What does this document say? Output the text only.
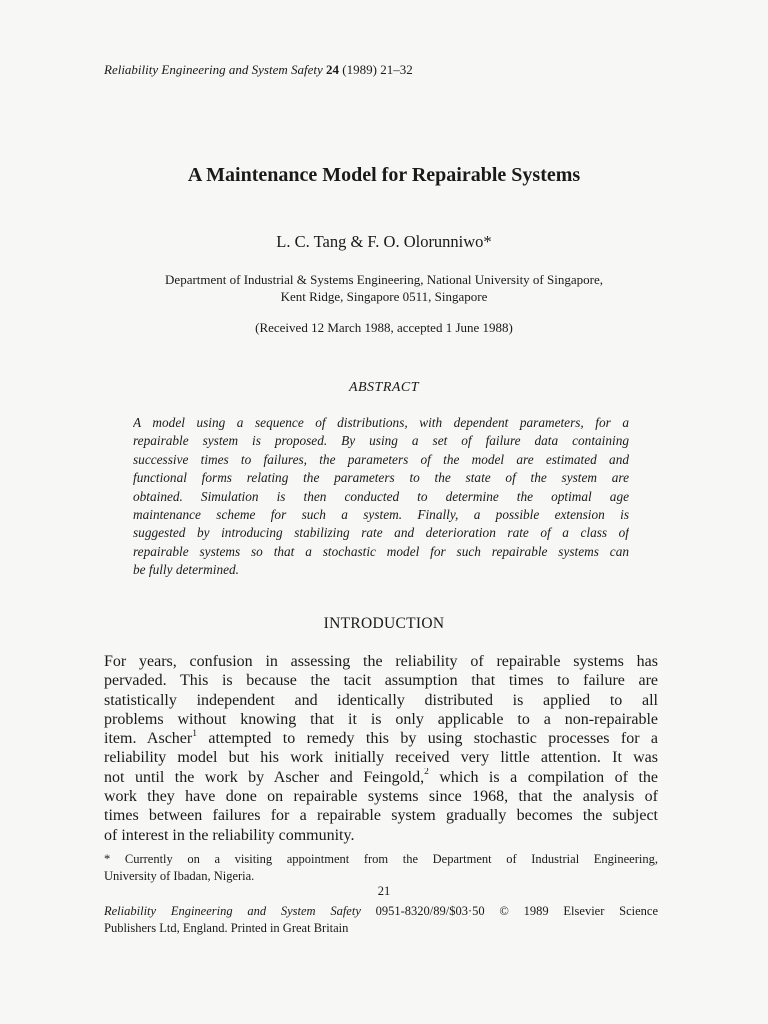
Reliability Engineering and System Safety 24 (1989) 21–32
A Maintenance Model for Repairable Systems
L. C. Tang & F. O. Olorunniwo*
Department of Industrial & Systems Engineering, National University of Singapore,
Kent Ridge, Singapore 0511, Singapore
(Received 12 March 1988, accepted 1 June 1988)
ABSTRACT
A model using a sequence of distributions, with dependent parameters, for a
repairable system is proposed. By using a set of failure data containing
successive times to failures, the parameters of the model are estimated and
functional forms relating the parameters to the state of the system are
obtained. Simulation is then conducted to determine the optimal age
maintenance scheme for such a system. Finally, a possible extension is
suggested by introducing stabilizing rate and deterioration rate of a class of
repairable systems so that a stochastic model for such repairable systems can
be fully determined.
INTRODUCTION
For years, confusion in assessing the reliability of repairable systems has
pervaded. This is because the tacit assumption that times to failure are
statistically independent and identically distributed is applied to all
problems without knowing that it is only applicable to a non-repairable
item. Ascher$^1$ attempted to remedy this by using stochastic processes for a
reliability model but his work initially received very little attention. It was
not until the work by Ascher and Feingold,$^2$ which is a compilation of the
work they have done on repairable systems since 1968, that the analysis of
times between failures for a repairable system gradually becomes the subject
of interest in the reliability community.
* Currently on a visiting appointment from the Department of Industrial Engineering,
University of Ibadan, Nigeria.
21
Reliability Engineering and System Safety 0951-8320/89/$03·50 © 1989 Elsevier Science
Publishers Ltd, England. Printed in Great Britain
